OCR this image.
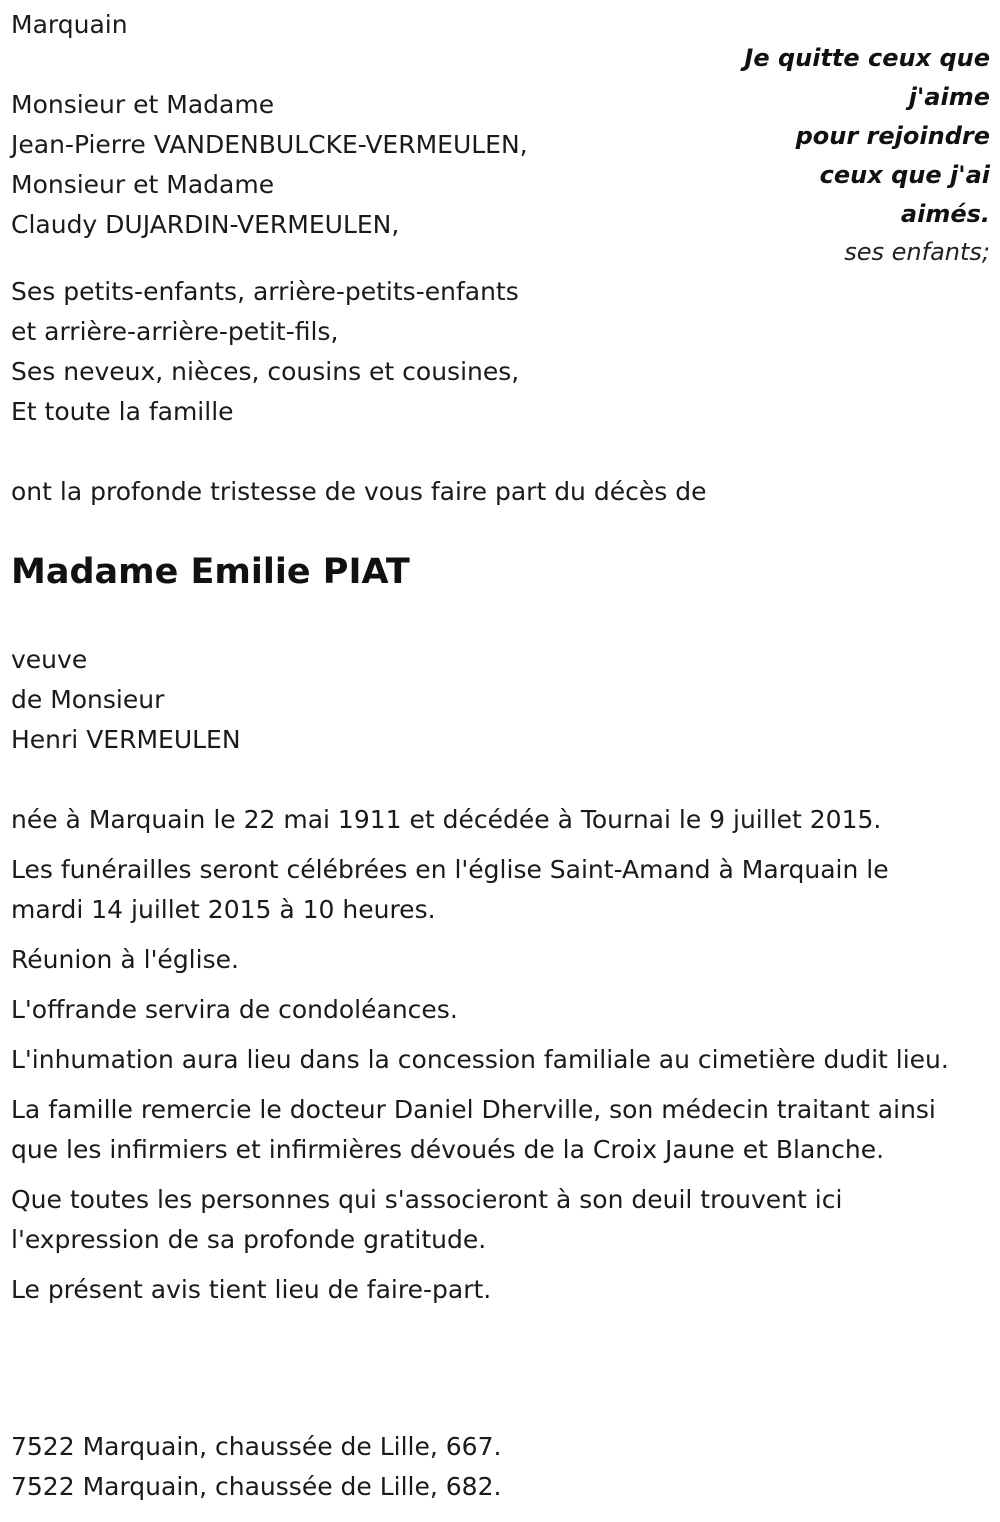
Marquain
Je quitte ceux que
j'aime
pour rejoindre
ceux que j'ai
aimés.
ses enfants;
Monsieur et Madame
Jean-Pierre VANDENBULCKE-VERMEULEN,
Monsieur et Madame
Claudy DUJARDIN-VERMEULEN,
Ses petits-enfants, arrière-petits-enfants
et arrière-arrière-petit-fils,
Ses neveux, nièces, cousins et cousines,
Et toute la famille
ont la profonde tristesse de vous faire part du décès de
Madame Emilie PIAT
veuve
de Monsieur
Henri VERMEULEN

née à Marquain le 22 mai 1911 et décédée à Tournai le 9 juillet 2015.

Les funérailles seront célébrées en l'église Saint-Amand à Marquain le mardi 14 juillet 2015 à 10 heures.

Réunion à l'église.

L'offrande servira de condoléances.

L'inhumation aura lieu dans la concession familiale au cimetière dudit lieu.

La famille remercie le docteur Daniel Dherville, son médecin traitant ainsi que les infirmiers et infirmières dévoués de la Croix Jaune et Blanche.

Que toutes les personnes qui s'associeront à son deuil trouvent ici l'expression de sa profonde gratitude.

Le présent avis tient lieu de faire-part.

7522 Marquain, chaussée de Lille, 667.
7522 Marquain, chaussée de Lille, 682.
